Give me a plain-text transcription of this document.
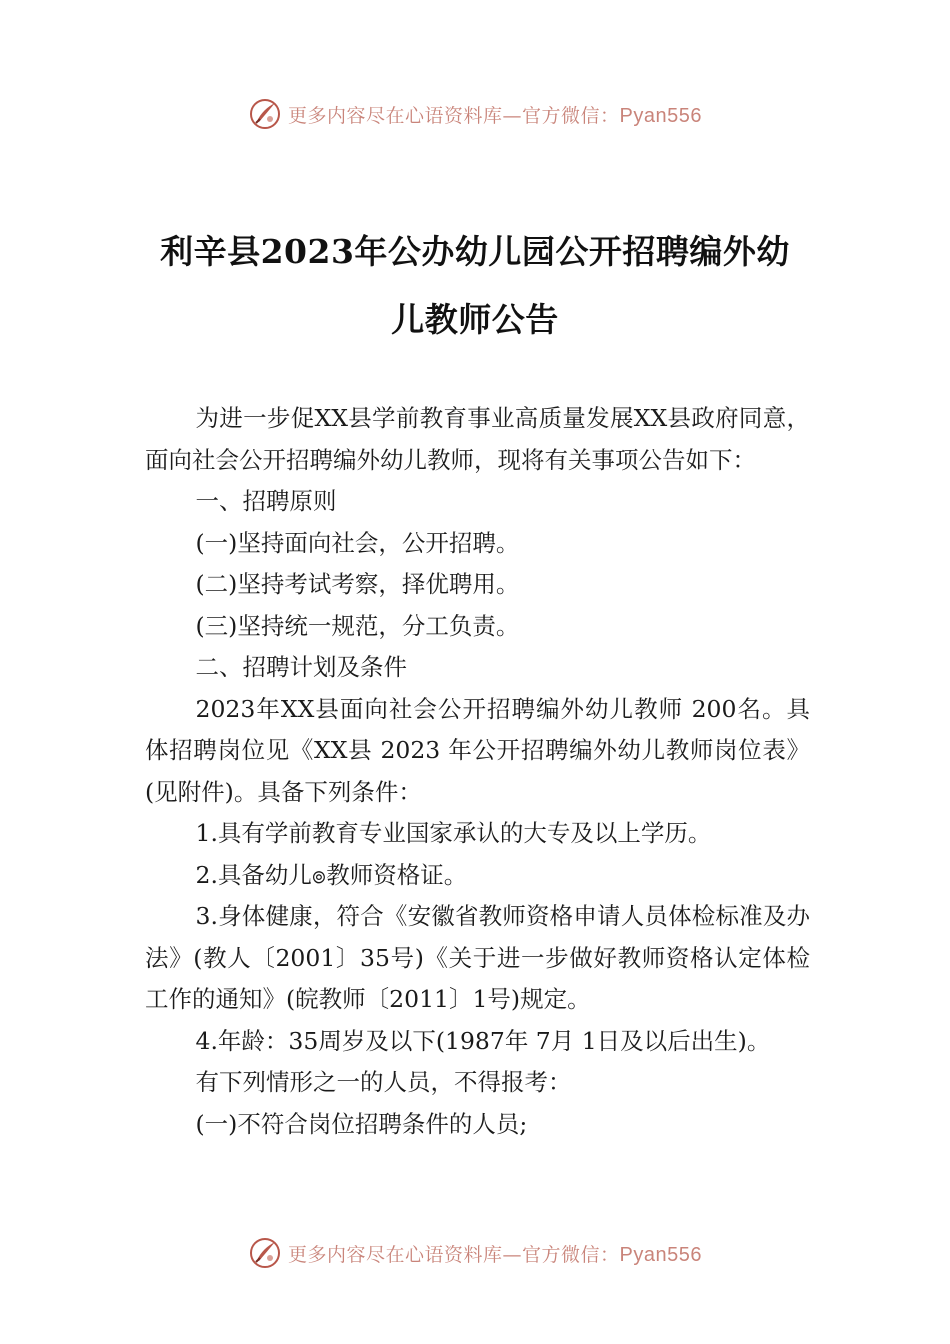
更多内容尽在心语资料库—官方微信：Pyan556
利辛县2023年公办幼儿园公开招聘编外幼
儿教师公告

为进一步促XX县学前教育事业高质量发展XX县政府同意，面向社会公开招聘编外幼儿教师，现将有关事项公告如下：

一、招聘原则

(一)坚持面向社会，公开招聘。

(二)坚持考试考察，择优聘用。

(三)坚持统一规范，分工负责。

二、招聘计划及条件

2023年XX县面向社会公开招聘编外幼儿教师 200名。具体招聘岗位见《XX县 2023 年公开招聘编外幼儿教师岗位表》(见附件)。具备下列条件：

1.具有学前教育专业国家承认的大专及以上学历。

2.具备幼儿๏教师资格证。

3.身体健康，符合《安徽省教师资格申请人员体检标准及办法》(教人〔2001〕35号)《关于进一步做好教师资格认定体检工作的通知》(皖教师〔2011〕1号)规定。

4.年龄：35周岁及以下(1987年 7月 1日及以后出生)。

有下列情形之一的人员，不得报考：

(一)不符合岗位招聘条件的人员;

更多内容尽在心语资料库—官方微信：Pyan556
